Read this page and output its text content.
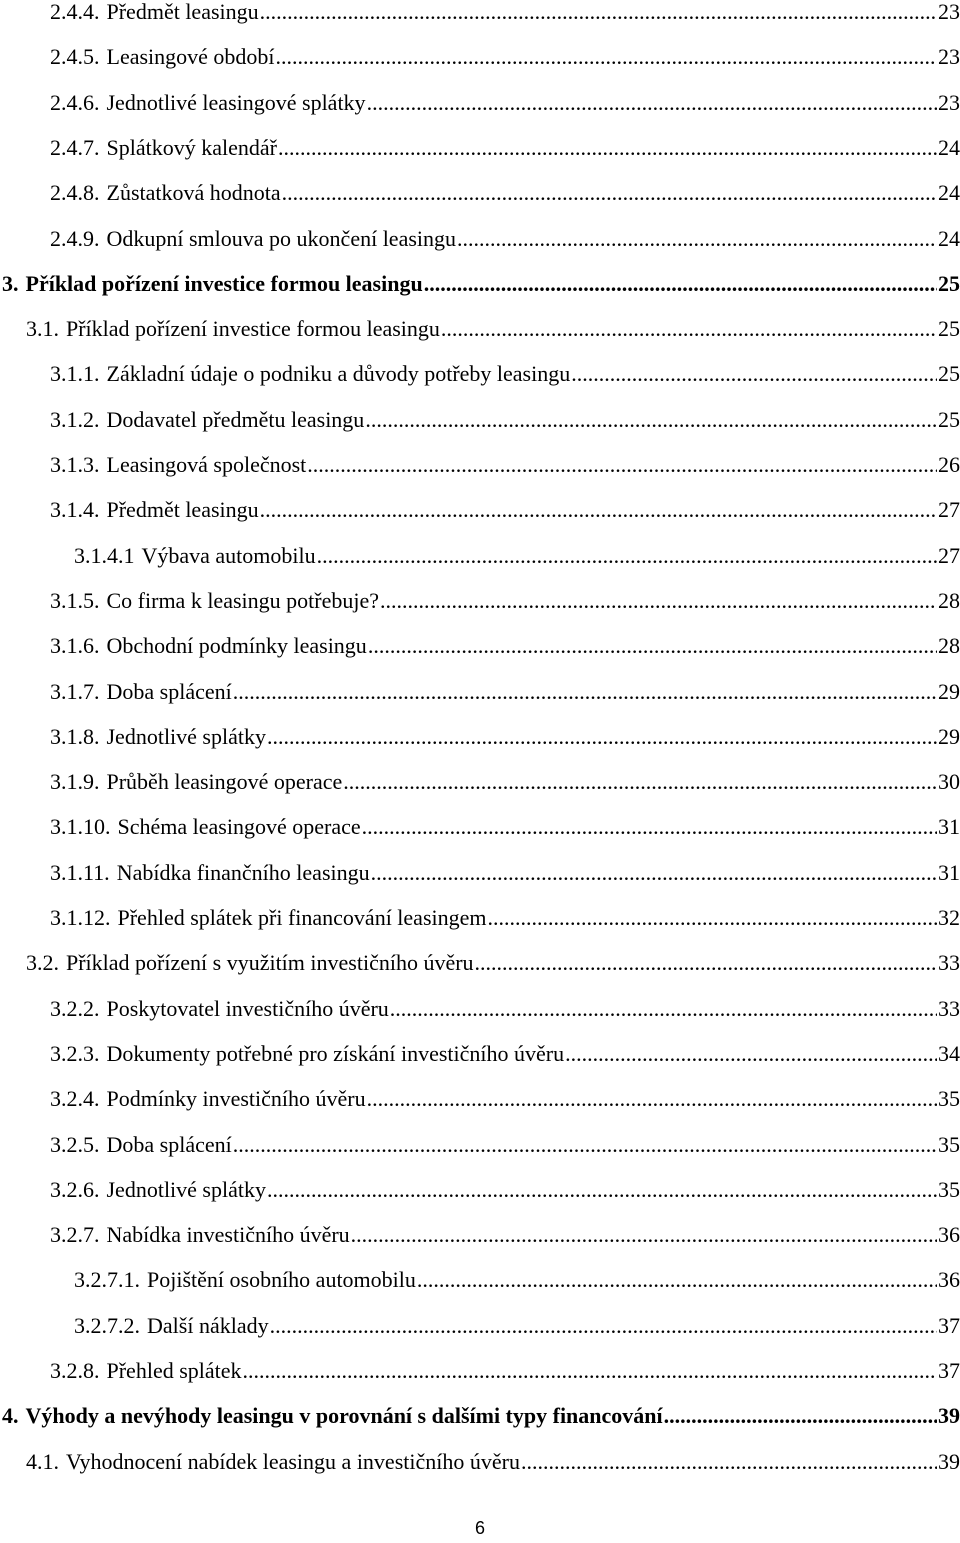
2.4.4. Předmět leasingu .....	23
2.4.5. Leasingové období .....	23
2.4.6. Jednotlivé leasingové splátky .....	23
2.4.7. Splátkový kalendář .....	24
2.4.8. Zůstatková hodnota .....	24
2.4.9. Odkupní smlouva po ukončení leasingu .....	24
3. Příklad pořízení investice formou leasingu .....	25
3.1. Příklad pořízení investice formou leasingu .....	25
3.1.1. Základní údaje o podniku a důvody potřeby leasingu .....	25
3.1.2. Dodavatel předmětu leasingu .....	25
3.1.3. Leasingová společnost .....	26
3.1.4. Předmět leasingu .....	27
3.1.4.1 Výbava automobilu .....	27
3.1.5. Co firma k leasingu potřebuje? .....	28
3.1.6. Obchodní podmínky leasingu .....	28
3.1.7. Doba splácení .....	29
3.1.8. Jednotlivé splátky .....	29
3.1.9. Průběh leasingové operace .....	30
3.1.10. Schéma leasingové operace .....	31
3.1.11. Nabídka finančního leasingu .....	31
3.1.12. Přehled splátek při financování leasingem .....	32
3.2. Příklad pořízení s využitím investičního úvěru .....	33
3.2.2. Poskytovatel investičního úvěru .....	33
3.2.3. Dokumenty potřebné pro získání investičního úvěru .....	34
3.2.4. Podmínky investičního úvěru .....	35
3.2.5. Doba splácení .....	35
3.2.6. Jednotlivé splátky .....	35
3.2.7. Nabídka investičního úvěru .....	36
3.2.7.1. Pojištění osobního automobilu .....	36
3.2.7.2. Další náklady .....	37
3.2.8. Přehled splátek .....	37
4. Výhody a nevýhody leasingu v porovnání s dalšími typy financování .....	39
4.1. Vyhodnocení nabídek leasingu a investičního úvěru .....	39
6
